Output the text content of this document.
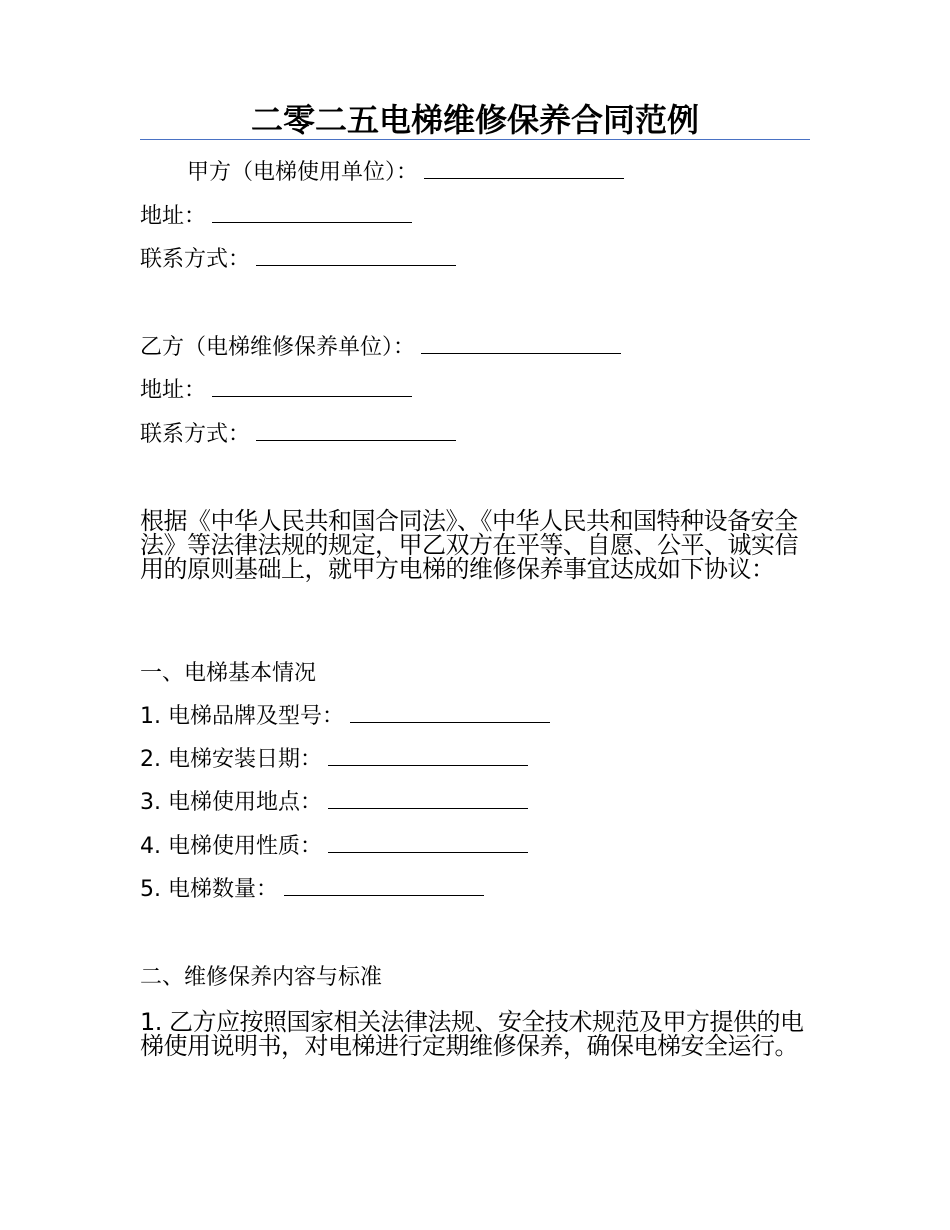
二零二五电梯维修保养合同范例
甲方（电梯使用单位）：
地址：
联系方式：
乙方（电梯维修保养单位）：
地址：
联系方式：
根据《中华人民共和国合同法》、《中华人民共和国特种设备安全法》等法律法规的规定，甲乙双方在平等、自愿、公平、诚实信用的原则基础上，就甲方电梯的维修保养事宜达成如下协议：
一、电梯基本情况
1. 电梯品牌及型号：
2. 电梯安装日期：
3. 电梯使用地点：
4. 电梯使用性质：
5. 电梯数量：
二、维修保养内容与标准
1. 乙方应按照国家相关法律法规、安全技术规范及甲方提供的电梯使用说明书，对电梯进行定期维修保养，确保电梯安全运行。
